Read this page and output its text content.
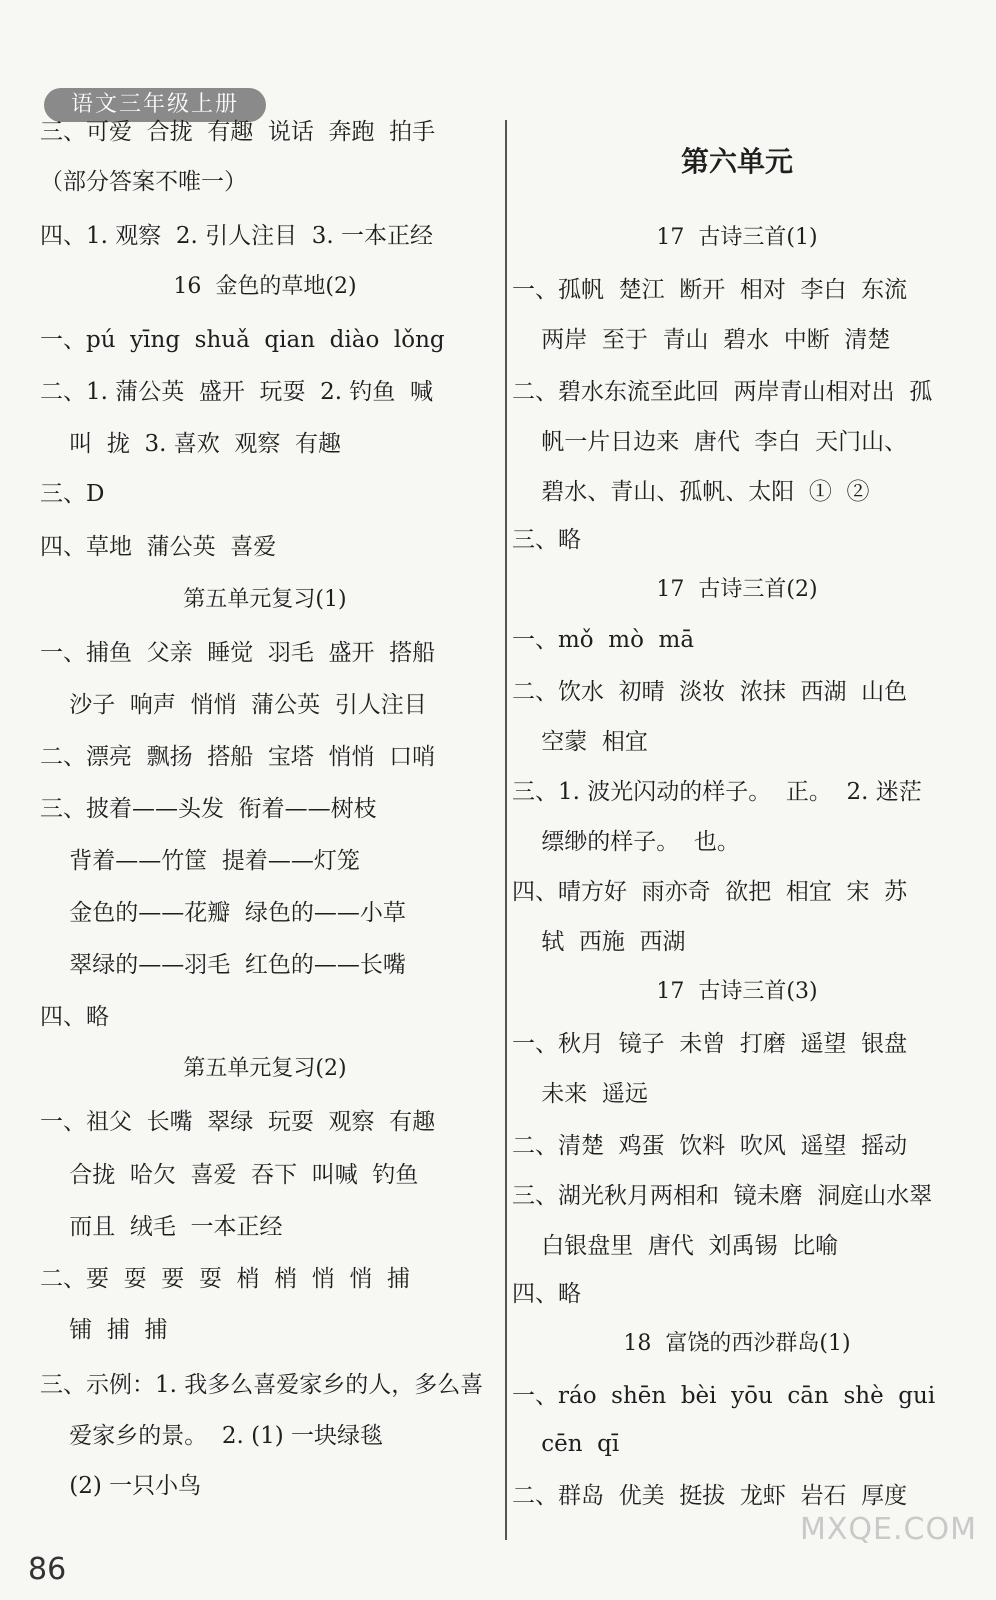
语文三年级上册
三、可爱  合拢  有趣  说话  奔跑  拍手
（部分答案不唯一）
四、1. 观察  2. 引人注目  3. 一本正经
16  金色的草地(2)
一、pú  yīng  shuǎ  qian  diào  lǒng
二、1. 蒲公英  盛开  玩耍  2. 钓鱼  喊
叫  拢  3. 喜欢  观察  有趣
三、D
四、草地  蒲公英  喜爱
第五单元复习(1)
一、捕鱼  父亲  睡觉  羽毛  盛开  搭船
沙子  响声  悄悄  蒲公英  引人注目
二、漂亮  飘扬  搭船  宝塔  悄悄  口哨
三、披着——头发  衔着——树枝
背着——竹筐  提着——灯笼
金色的——花瓣  绿色的——小草
翠绿的——羽毛  红色的——长嘴
四、略
第五单元复习(2)
一、祖父  长嘴  翠绿  玩耍  观察  有趣
合拢  哈欠  喜爱  吞下  叫喊  钓鱼
而且  绒毛  一本正经
二、要  耍  要  耍  梢  梢  悄  悄  捕
铺  捕  捕
三、示例：1. 我多么喜爱家乡的人，多么喜
爱家乡的景。  2. (1) 一块绿毯
(2) 一只小鸟
第六单元
17  古诗三首(1)
一、孤帆  楚江  断开  相对  李白  东流
两岸  至于  青山  碧水  中断  清楚
二、碧水东流至此回  两岸青山相对出  孤
帆一片日边来  唐代  李白  天门山、
碧水、青山、孤帆、太阳  ①  ②
三、略
17  古诗三首(2)
一、mǒ  mò  mā
二、饮水  初晴  淡妆  浓抹  西湖  山色
空蒙  相宜
三、1. 波光闪动的样子。  正。  2. 迷茫
缥缈的样子。  也。
四、晴方好  雨亦奇  欲把  相宜  宋  苏
轼  西施  西湖
17  古诗三首(3)
一、秋月  镜子  未曾  打磨  遥望  银盘
未来  遥远
二、清楚  鸡蛋  饮料  吹风  遥望  摇动
三、湖光秋月两相和  镜未磨  洞庭山水翠
白银盘里  唐代  刘禹锡  比喻
四、略
18  富饶的西沙群岛(1)
一、ráo  shēn  bèi  yōu  cān  shè  gui
cēn  qī
二、群岛  优美  挺拔  龙虾  岩石  厚度
86
MXQE.COM
